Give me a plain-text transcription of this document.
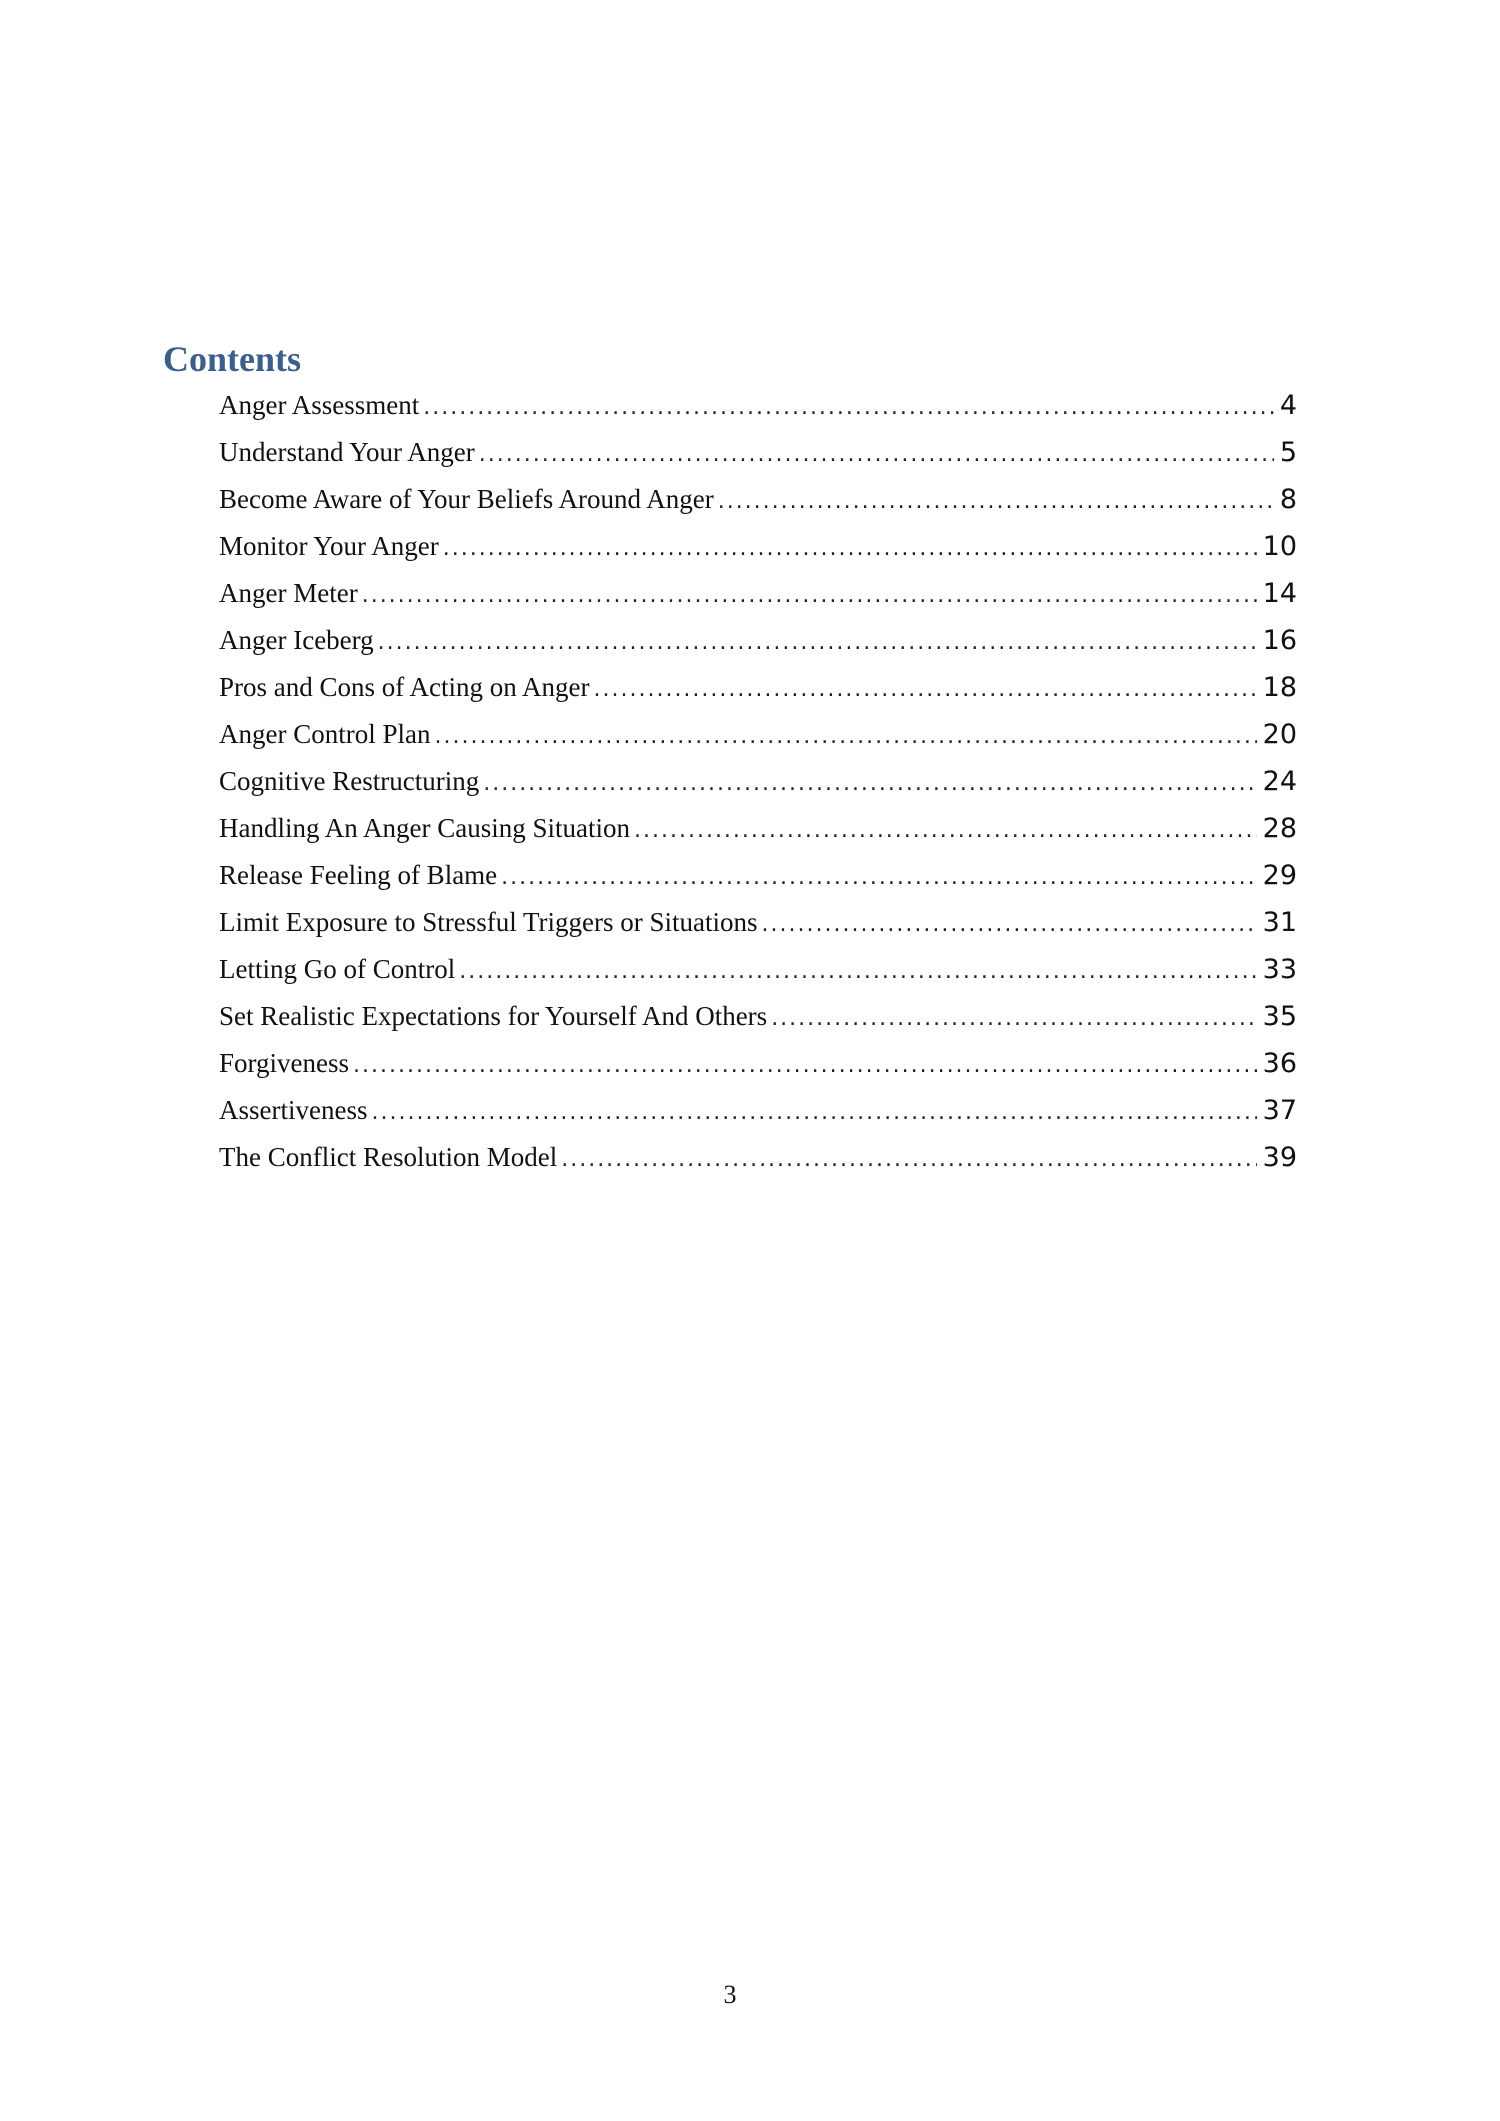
Contents
Anger Assessment .....	4
Understand Your Anger .....	5
Become Aware of Your Beliefs Around Anger .....	8
Monitor Your Anger .....	10
Anger Meter .....	14
Anger Iceberg .....	16
Pros and Cons of Acting on Anger .....	18
Anger Control Plan .....	20
Cognitive Restructuring .....	24
Handling An Anger Causing Situation .....	28
Release Feeling of Blame .....	29
Limit Exposure to Stressful Triggers or Situations .....	31
Letting Go of Control .....	33
Set Realistic Expectations for Yourself And Others .....	35
Forgiveness .....	36
Assertiveness .....	37
The Conflict Resolution Model .....	39
3
